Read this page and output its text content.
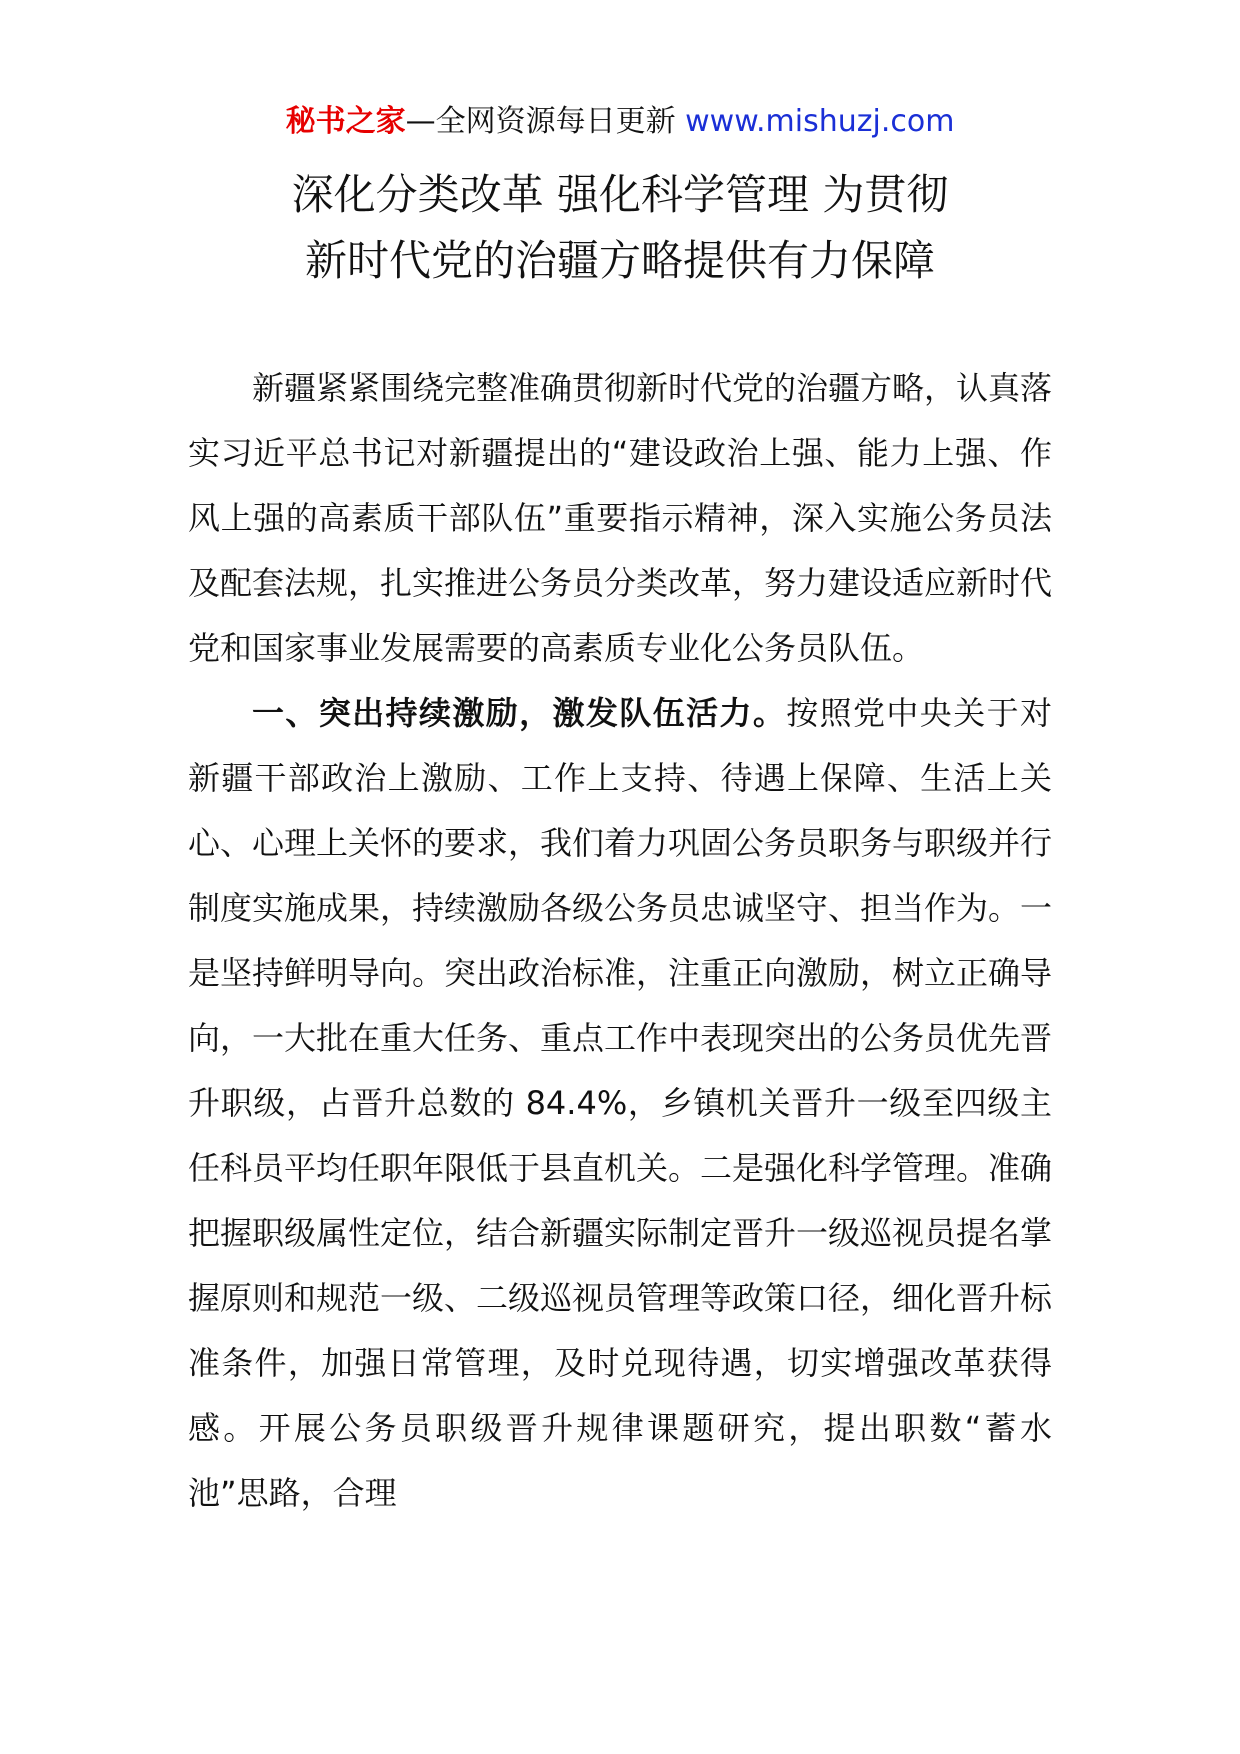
秘书之家—全网资源每日更新 www.mishuzj.com
深化分类改革 强化科学管理 为贯彻
新时代党的治疆方略提供有力保障

新疆紧紧围绕完整准确贯彻新时代党的治疆方略，认真落实习近平总书记对新疆提出的“建设政治上强、能力上强、作风上强的高素质干部队伍”重要指示精神，深入实施公务员法及配套法规，扎实推进公务员分类改革，努力建设适应新时代党和国家事业发展需要的高素质专业化公务员队伍。

一、突出持续激励，激发队伍活力。按照党中央关于对新疆干部政治上激励、工作上支持、待遇上保障、生活上关心、心理上关怀的要求，我们着力巩固公务员职务与职级并行制度实施成果，持续激励各级公务员忠诚坚守、担当作为。一是坚持鲜明导向。突出政治标准，注重正向激励，树立正确导向，一大批在重大任务、重点工作中表现突出的公务员优先晋升职级，占晋升总数的 84.4%，乡镇机关晋升一级至四级主任科员平均任职年限低于县直机关。二是强化科学管理。准确把握职级属性定位，结合新疆实际制定晋升一级巡视员提名掌握原则和规范一级、二级巡视员管理等政策口径，细化晋升标准条件，加强日常管理，及时兑现待遇，切实增强改革获得感。开展公务员职级晋升规律课题研究，提出职数“蓄水池”思路，合理
